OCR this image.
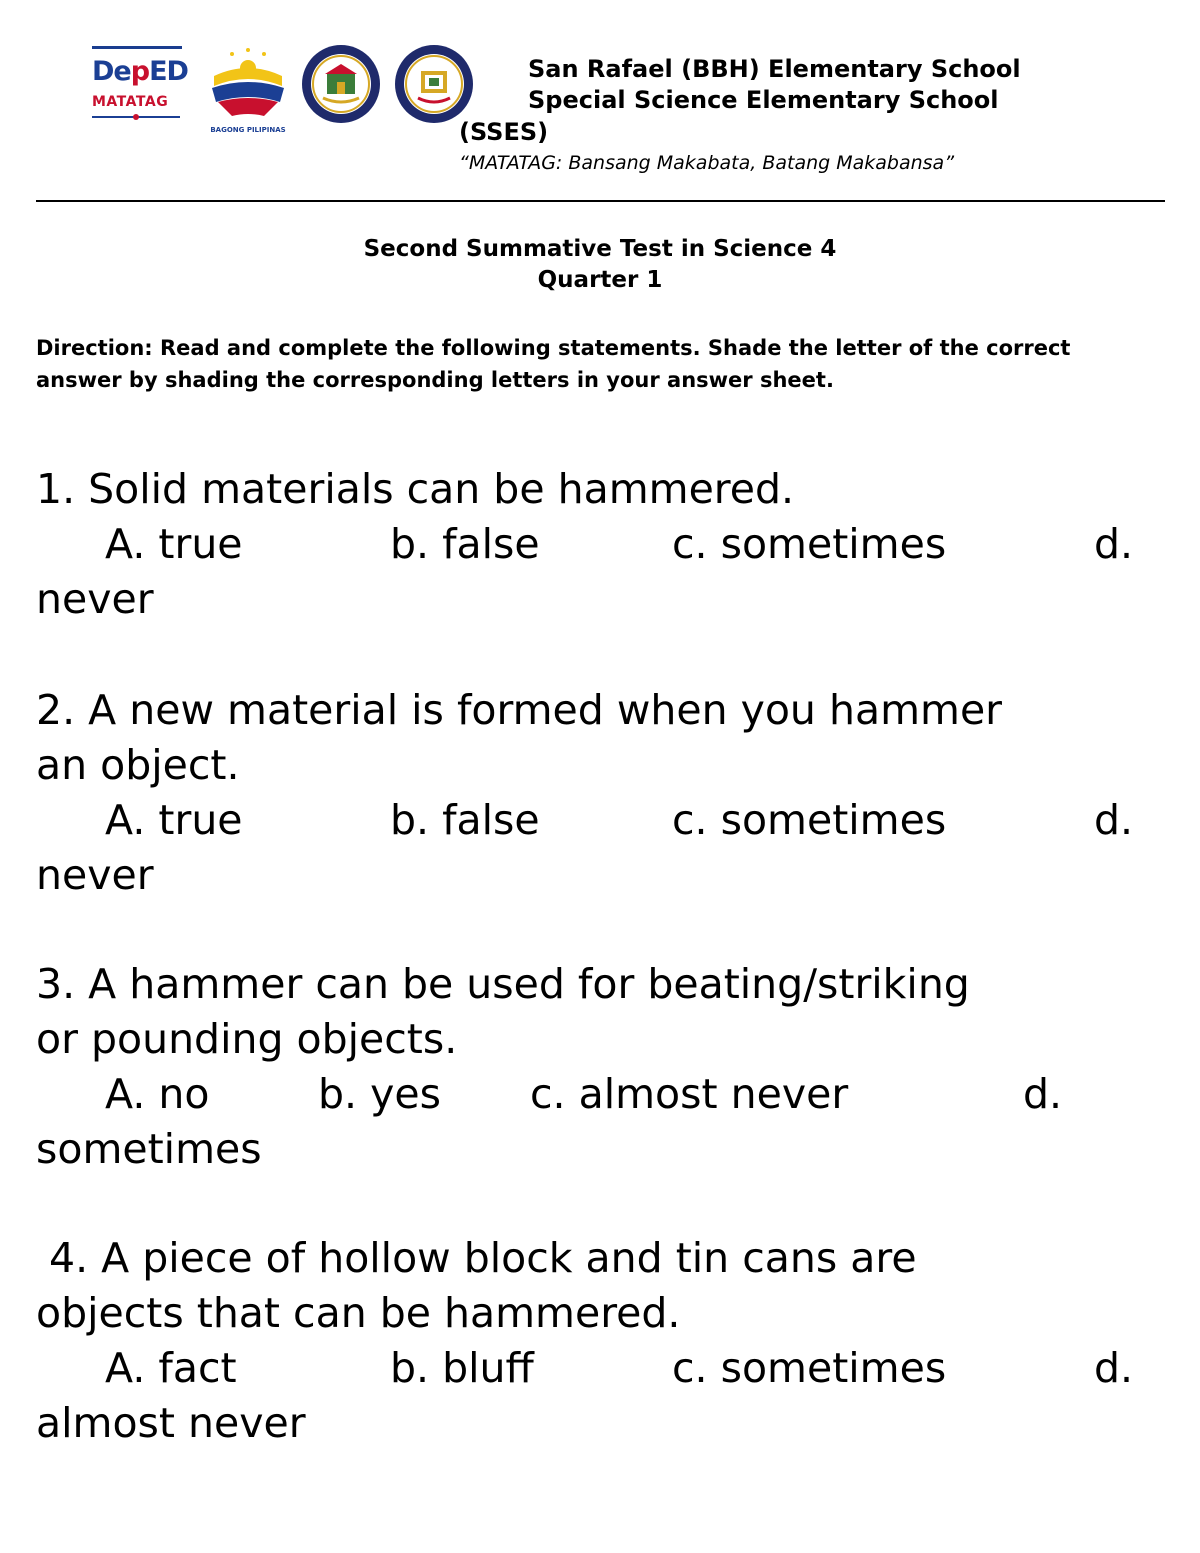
DepED
MATATAG
BAGONG PILIPINAS
San Rafael (BBH) Elementary School
Special Science Elementary School
(SSES)
“MATATAG: Bansang Makabata, Batang Makabansa”
Second Summative Test in Science 4
Quarter 1
Direction: Read and complete the following statements. Shade the letter of the correct answer by shading the corresponding letters in your answer sheet.
1. Solid materials can be hammered.
A. true	b. false	c. sometimes	d.
never
2. A new material is formed when you hammer
an object.
A. true	b. false	c. sometimes	d.
never
3. A hammer can be used for beating/striking
or pounding objects.
A. no	b. yes c. almost never	d.
sometimes
4. A piece of hollow block and tin cans are
objects that can be hammered.
A. fact	b. bluff	c. sometimes	d.
almost never
